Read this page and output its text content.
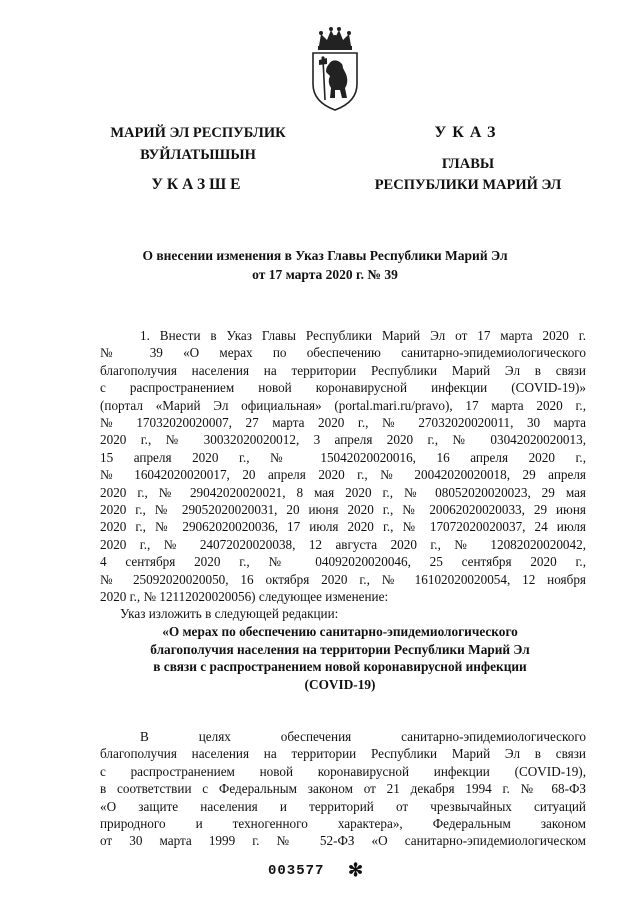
МАРИЙ ЭЛ РЕСПУБЛИК
ВУЙЛАТЫШЫН
УКАЗШЕ
УКАЗ
ГЛАВЫ
РЕСПУБЛИКИ МАРИЙ ЭЛ
О внесении изменения в Указ Главы Республики Марий Эл
от 17 марта 2020 г. № 39
1. Внести в Указ Главы Республики Марий Эл от 17 марта 2020 г.
№ 39 «О мерах по обеспечению санитарно-эпидемиологического
благополучия населения на территории Республики Марий Эл в связи
с распространением новой коронавирусной инфекции (COVID-19)»
(портал «Марий Эл официальная» (portal.mari.ru/pravo), 17 марта 2020 г.,
№ 17032020020007, 27 марта 2020 г., № 27032020020011, 30 марта
2020 г., № 30032020020012, 3 апреля 2020 г., № 03042020020013,
15 апреля 2020 г., № 15042020020016, 16 апреля 2020 г.,
№ 16042020020017, 20 апреля 2020 г., № 20042020020018, 29 апреля
2020 г., № 29042020020021, 8 мая 2020 г., № 08052020020023, 29 мая
2020 г., № 29052020020031, 20 июня 2020 г., № 20062020020033, 29 июня
2020 г., № 29062020020036, 17 июля 2020 г., № 17072020020037, 24 июля
2020 г., № 24072020020038, 12 августа 2020 г., № 12082020020042,
4 сентября 2020 г., № 04092020020046, 25 сентября 2020 г.,
№ 25092020020050, 16 октября 2020 г., № 16102020020054, 12 ноября
2020 г., № 12112020020056) следующее изменение:
Указ изложить в следующей редакции:
«О мерах по обеспечению санитарно-эпидемиологического
благополучия населения на территории Республики Марий Эл
в связи с распространением новой коронавирусной инфекции
(COVID-19)
В целях обеспечения санитарно-эпидемиологического
благополучия населения на территории Республики Марий Эл в связи
с распространением новой коронавирусной инфекции (COVID-19),
в соответствии с Федеральным законом от 21 декабря 1994 г. № 68-ФЗ
«О защите населения и территорий от чрезвычайных ситуаций
природного и техногенного характера», Федеральным законом
от 30 марта 1999 г. № 52-ФЗ «О санитарно-эпидемиологическом
003577 ✻
